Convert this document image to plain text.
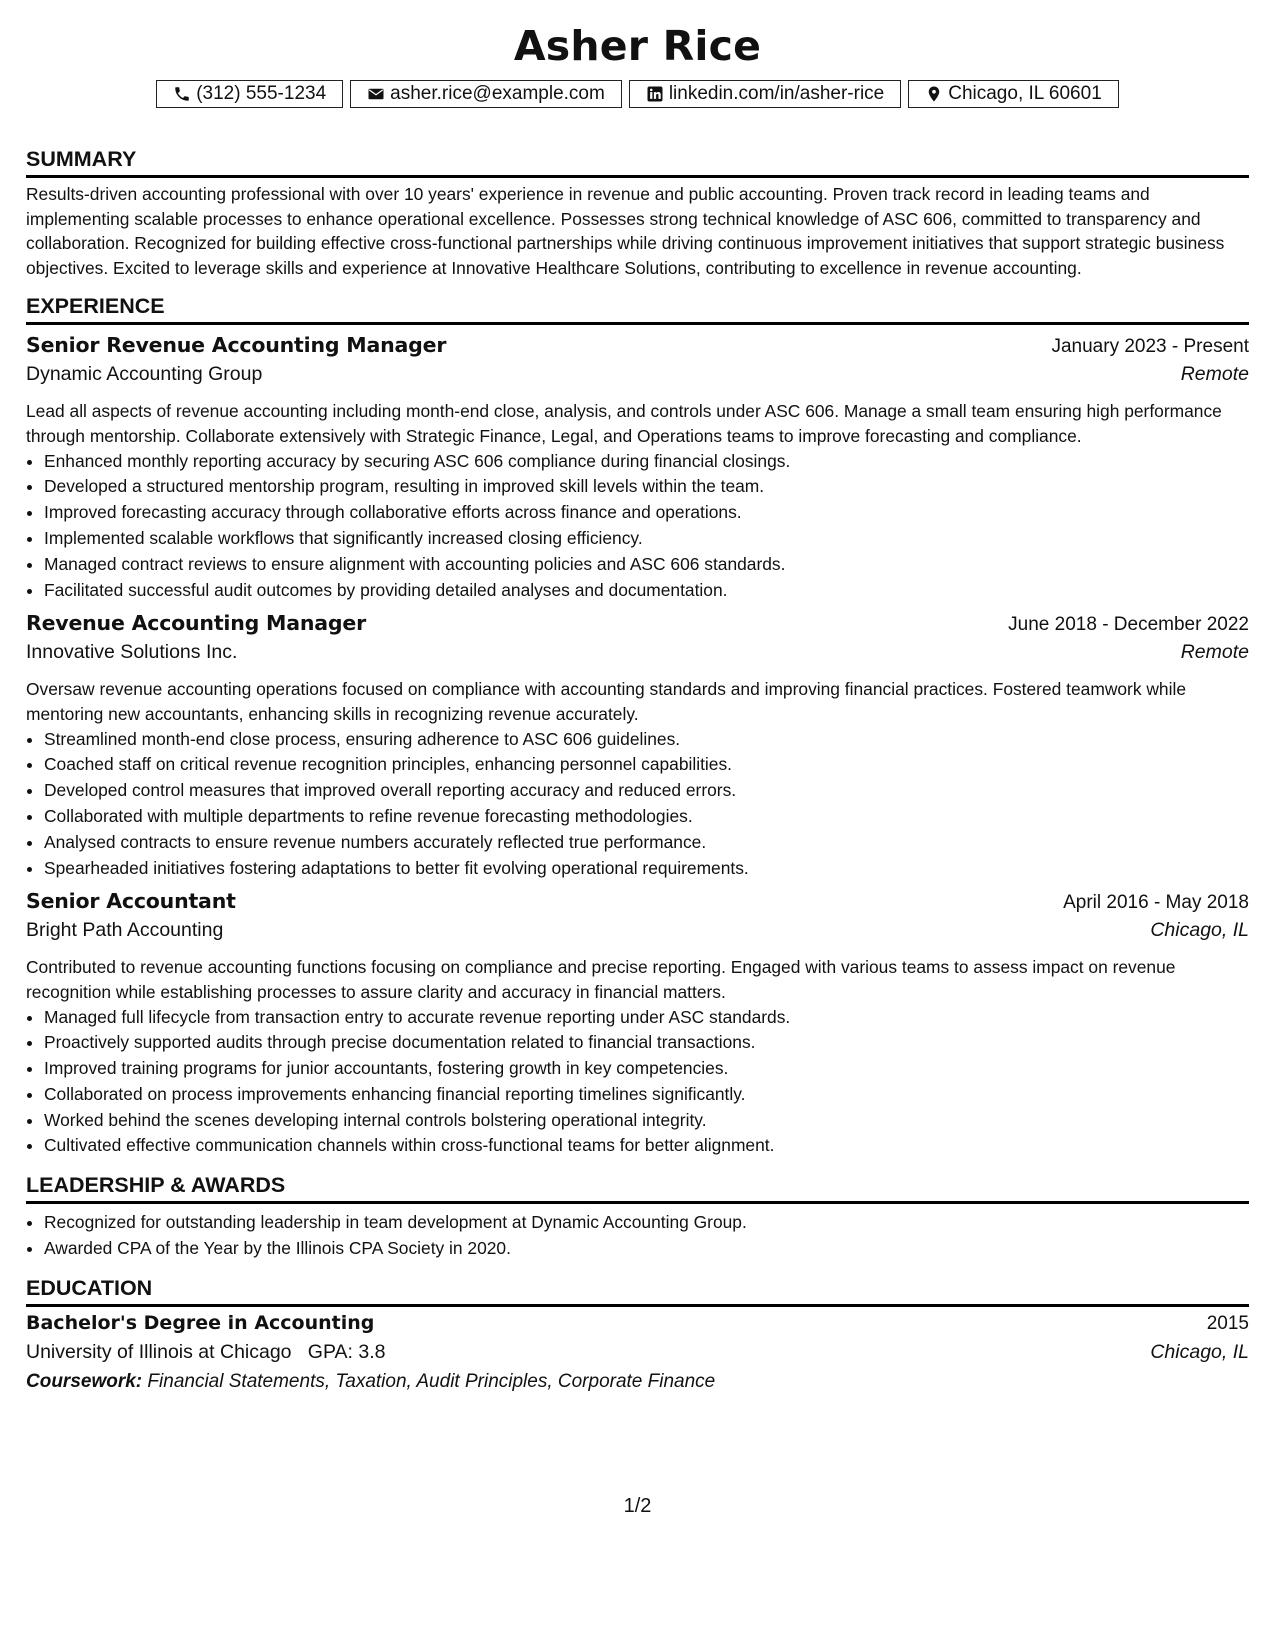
Asher Rice
(312) 555-1234	asher.rice@example.com	linkedin.com/in/asher-rice	Chicago, IL 60601
SUMMARY

Results-driven accounting professional with over 10 years' experience in revenue and public accounting. Proven track record in leading teams and implementing scalable processes to enhance operational excellence. Possesses strong technical knowledge of ASC 606, committed to transparency and collaboration. Recognized for building effective cross-functional partnerships while driving continuous improvement initiatives that support strategic business objectives. Excited to leverage skills and experience at Innovative Healthcare Solutions, contributing to excellence in revenue accounting.

EXPERIENCE
Senior Revenue Accounting Manager	January 2023 - Present
Dynamic Accounting Group	Remote

Lead all aspects of revenue accounting including month-end close, analysis, and controls under ASC 606. Manage a small team ensuring high performance through mentorship. Collaborate extensively with Strategic Finance, Legal, and Operations teams to improve forecasting and compliance.

• Enhanced monthly reporting accuracy by securing ASC 606 compliance during financial closings.
• Developed a structured mentorship program, resulting in improved skill levels within the team.
• Improved forecasting accuracy through collaborative efforts across finance and operations.
• Implemented scalable workflows that significantly increased closing efficiency.
• Managed contract reviews to ensure alignment with accounting policies and ASC 606 standards.
• Facilitated successful audit outcomes by providing detailed analyses and documentation.
Revenue Accounting Manager	June 2018 - December 2022
Innovative Solutions Inc.	Remote

Oversaw revenue accounting operations focused on compliance with accounting standards and improving financial practices. Fostered teamwork while mentoring new accountants, enhancing skills in recognizing revenue accurately.

• Streamlined month-end close process, ensuring adherence to ASC 606 guidelines.
• Coached staff on critical revenue recognition principles, enhancing personnel capabilities.
• Developed control measures that improved overall reporting accuracy and reduced errors.
• Collaborated with multiple departments to refine revenue forecasting methodologies.
• Analysed contracts to ensure revenue numbers accurately reflected true performance.
• Spearheaded initiatives fostering adaptations to better fit evolving operational requirements.
Senior Accountant	April 2016 - May 2018
Bright Path Accounting	Chicago, IL

Contributed to revenue accounting functions focusing on compliance and precise reporting. Engaged with various teams to assess impact on revenue recognition while establishing processes to assure clarity and accuracy in financial matters.

• Managed full lifecycle from transaction entry to accurate revenue reporting under ASC standards.
• Proactively supported audits through precise documentation related to financial transactions.
• Improved training programs for junior accountants, fostering growth in key competencies.
• Collaborated on process improvements enhancing financial reporting timelines significantly.
• Worked behind the scenes developing internal controls bolstering operational integrity.
• Cultivated effective communication channels within cross-functional teams for better alignment.
LEADERSHIP & AWARDS
• Recognized for outstanding leadership in team development at Dynamic Accounting Group.
• Awarded CPA of the Year by the Illinois CPA Society in 2020.
EDUCATION
Bachelor's Degree in Accounting	2015
University of Illinois at Chicago GPA: 3.8	Chicago, IL
Coursework: Financial Statements, Taxation, Audit Principles, Corporate Finance
1/2
